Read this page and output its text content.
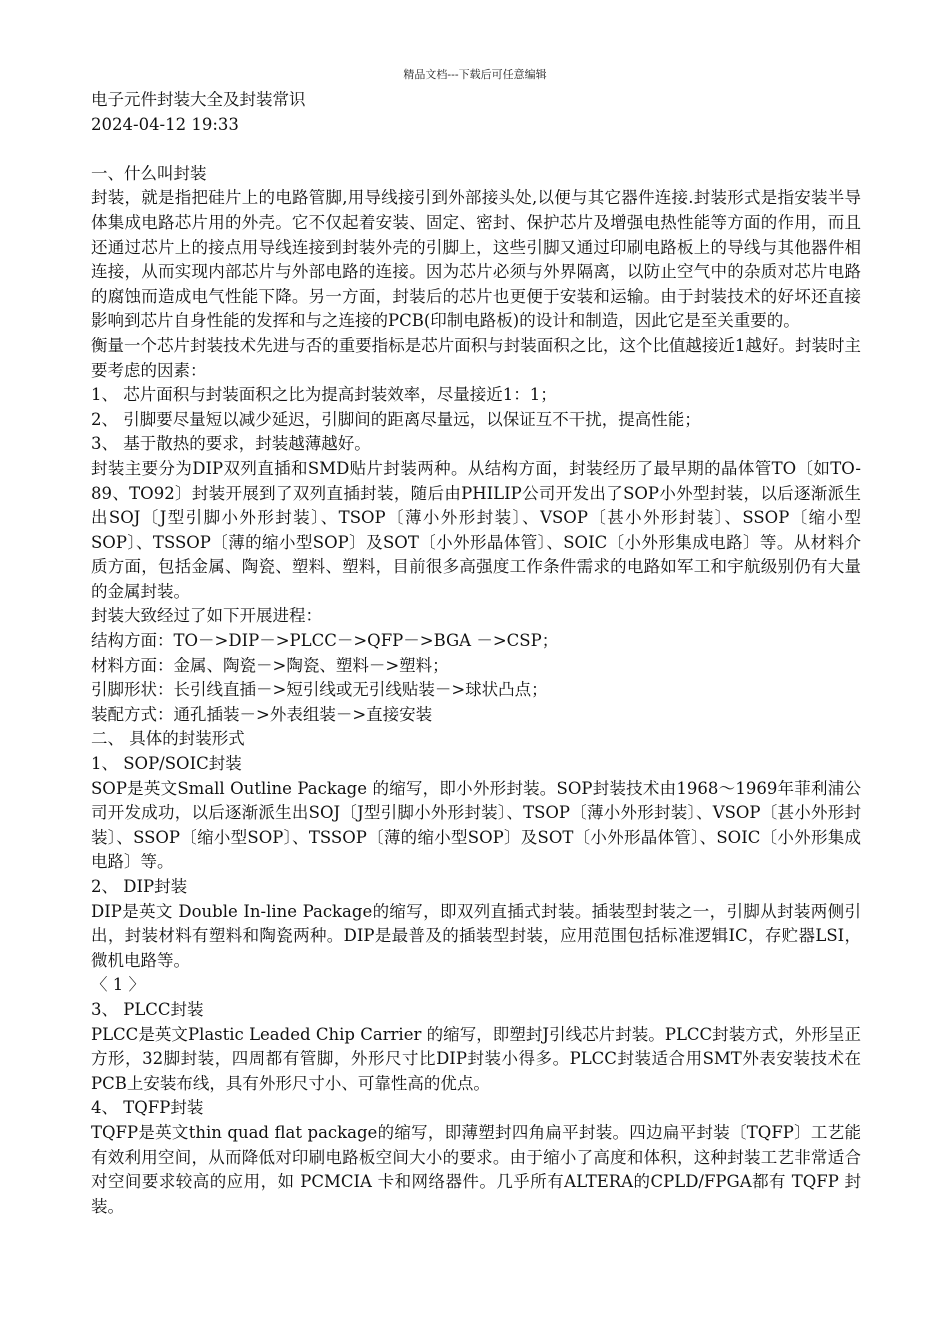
精品文档---下载后可任意编辑

电子元件封装大全及封装常识

2024-04-12 19:33

一、什么叫封装

封装，就是指把硅片上的电路管脚,用导线接引到外部接头处,以便与其它器件连接.封装形式是指安装半导体集成电路芯片用的外壳。它不仅起着安装、固定、密封、保护芯片及增强电热性能等方面的作用，而且还通过芯片上的接点用导线连接到封装外壳的引脚上，这些引脚又通过印刷电路板上的导线与其他器件相连接，从而实现内部芯片与外部电路的连接。因为芯片必须与外界隔离，以防止空气中的杂质对芯片电路的腐蚀而造成电气性能下降。另一方面，封装后的芯片也更便于安装和运输。由于封装技术的好坏还直接影响到芯片自身性能的发挥和与之连接的PCB(印制电路板)的设计和制造，因此它是至关重要的。

衡量一个芯片封装技术先进与否的重要指标是芯片面积与封装面积之比，这个比值越接近1越好。封装时主要考虑的因素：

1、 芯片面积与封装面积之比为提高封装效率，尽量接近1：1；

2、 引脚要尽量短以减少延迟，引脚间的距离尽量远，以保证互不干扰，提高性能；

3、 基于散热的要求，封装越薄越好。

封装主要分为DIP双列直插和SMD贴片封装两种。从结构方面，封装经历了最早期的晶体管TO〔如TO-89、TO92〕封装开展到了双列直插封装，随后由PHILIP公司开发出了SOP小外型封装，以后逐渐派生出SOJ〔J型引脚小外形封装〕、TSOP〔薄小外形封装〕、VSOP〔甚小外形封装〕、SSOP〔缩小型SOP〕、TSSOP〔薄的缩小型SOP〕及SOT〔小外形晶体管〕、SOIC〔小外形集成电路〕等。从材料介质方面，包括金属、陶瓷、塑料、塑料，目前很多高强度工作条件需求的电路如军工和宇航级别仍有大量的金属封装。

封装大致经过了如下开展进程：

结构方面：TO－>DIP－>PLCC－>QFP－>BGA －>CSP；

材料方面：金属、陶瓷－>陶瓷、塑料－>塑料；

引脚形状：长引线直插－>短引线或无引线贴装－>球状凸点；

装配方式：通孔插装－>外表组装－>直接安装

二、 具体的封装形式

1、 SOP/SOIC封装

SOP是英文Small Outline Package 的缩写，即小外形封装。SOP封装技术由1968～1969年菲利浦公司开发成功，以后逐渐派生出SOJ〔J型引脚小外形封装〕、TSOP〔薄小外形封装〕、VSOP〔甚小外形封装〕、SSOP〔缩小型SOP〕、TSSOP〔薄的缩小型SOP〕及SOT〔小外形晶体管〕、SOIC〔小外形集成电路〕等。

2、 DIP封装

DIP是英文 Double In-line Package的缩写，即双列直插式封装。插装型封装之一，引脚从封装两侧引出，封装材料有塑料和陶瓷两种。DIP是最普及的插装型封装，应用范围包括标准逻辑IC，存贮器LSI，微机电路等。

〈 1 〉

3、 PLCC封装

PLCC是英文Plastic Leaded Chip Carrier 的缩写，即塑封J引线芯片封装。PLCC封装方式，外形呈正方形，32脚封装，四周都有管脚，外形尺寸比DIP封装小得多。PLCC封装适合用SMT外表安装技术在PCB上安装布线，具有外形尺寸小、可靠性高的优点。

4、 TQFP封装

TQFP是英文thin quad flat package的缩写，即薄塑封四角扁平封装。四边扁平封装〔TQFP〕工艺能有效利用空间，从而降低对印刷电路板空间大小的要求。由于缩小了高度和体积，这种封装工艺非常适合对空间要求较高的应用，如 PCMCIA 卡和网络器件。几乎所有ALTERA的CPLD/FPGA都有 TQFP 封装。
